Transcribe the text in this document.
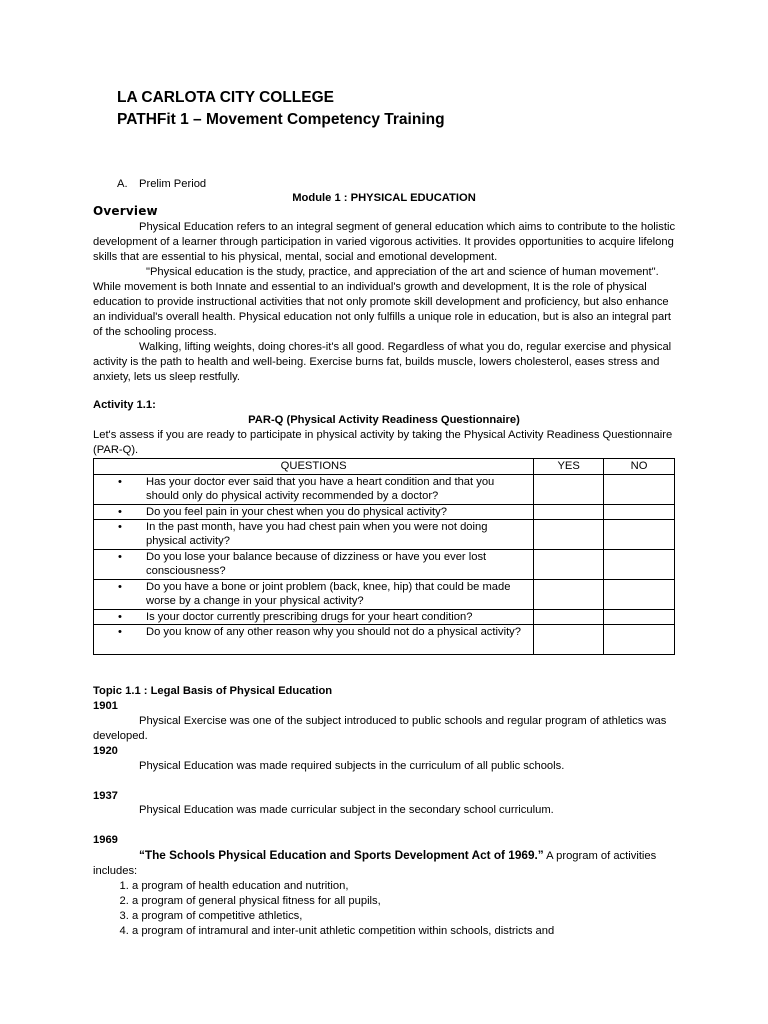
LA CARLOTA CITY COLLEGE
PATHFit 1 – Movement Competency Training
A. Prelim Period
Module 1 : PHYSICAL EDUCATION
Overview

Physical Education refers to an integral segment of general education which aims to contribute to the holistic development of a learner through participation in varied vigorous activities. It provides opportunities to acquire lifelong skills that are essential to his physical, mental, social and emotional development.

"Physical education is the study, practice, and appreciation of the art and science of human movement". While movement is both Innate and essential to an individual's growth and development, It is the role of physical education to provide instructional activities that not only promote skill development and proficiency, but also enhance an individual's overall health. Physical education not only fulfills a unique role in education, but is also an integral part of the schooling process.

Walking, lifting weights, doing chores-it's all good. Regardless of what you do, regular exercise and physical activity is the path to health and well-being. Exercise burns fat, builds muscle, lowers cholesterol, eases stress and anxiety, lets us sleep restfully.

Activity 1.1:
PAR-Q (Physical Activity Readiness Questionnaire)
Let's assess if you are ready to participate in physical activity by taking the Physical Activity Readiness Questionnaire (PAR-Q).
QUESTIONS	YES	NO

• Has your doctor ever said that you have a heart condition and that you should only do physical activity recommended by a doctor?		

• Do you feel pain in your chest when you do physical activity?		

• In the past month, have you had chest pain when you were not doing physical activity?		

• Do you lose your balance because of dizziness or have you ever lost consciousness?		

• Do you have a bone or joint problem (back, knee, hip) that could be made worse by a change in your physical activity?		

• Is your doctor currently prescribing drugs for your heart condition?		

• Do you know of any other reason why you should not do a physical activity?		

Topic 1.1 : Legal Basis of Physical Education
1901

Physical Exercise was one of the subject introduced to public schools and regular program of athletics was developed.

1920

Physical Education was made required subjects in the curriculum of all public schools.

1937

Physical Education was made curricular subject in the secondary school curriculum.

1969

“The Schools Physical Education and Sports Development Act of 1969.” A program of activities includes:

1. a program of health education and nutrition,
2. a program of general physical fitness for all pupils,
3. a program of competitive athletics,
4. a program of intramural and inter-unit athletic competition within schools, districts and
